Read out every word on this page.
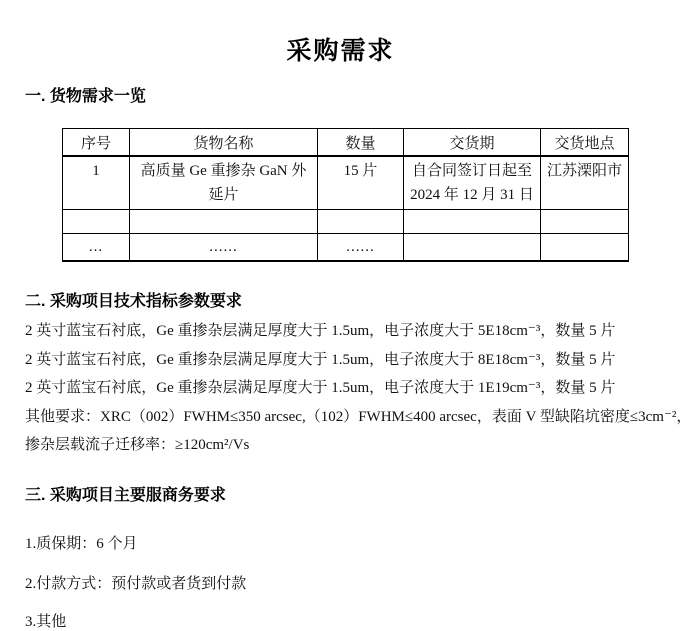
采购需求
一. 货物需求一览
序号	货物名称	数量	交货期	交货地点
1	高质量 Ge 重掺杂 GaN 外延片	15 片	自合同签订日起至 2024 年 12 月 31 日	江苏溧阳市

...	......	......		
二. 采购项目技术指标参数要求

2 英寸蓝宝石衬底，Ge 重掺杂层满足厚度大于 1.5um，电子浓度大于 5E18cm⁻³，数量 5 片

2 英寸蓝宝石衬底，Ge 重掺杂层满足厚度大于 1.5um，电子浓度大于 8E18cm⁻³，数量 5 片

2 英寸蓝宝石衬底，Ge 重掺杂层满足厚度大于 1.5um，电子浓度大于 1E19cm⁻³，数量 5 片

其他要求：XRC（002）FWHM≤350 arcsec,（102）FWHM≤400 arcsec，表面 V 型缺陷坑密度≤3cm⁻²，

掺杂层载流子迁移率：≥120cm²/Vs

三. 采购项目主要服商务要求

1.质保期：6 个月

2.付款方式：预付款或者货到付款

3.其他
